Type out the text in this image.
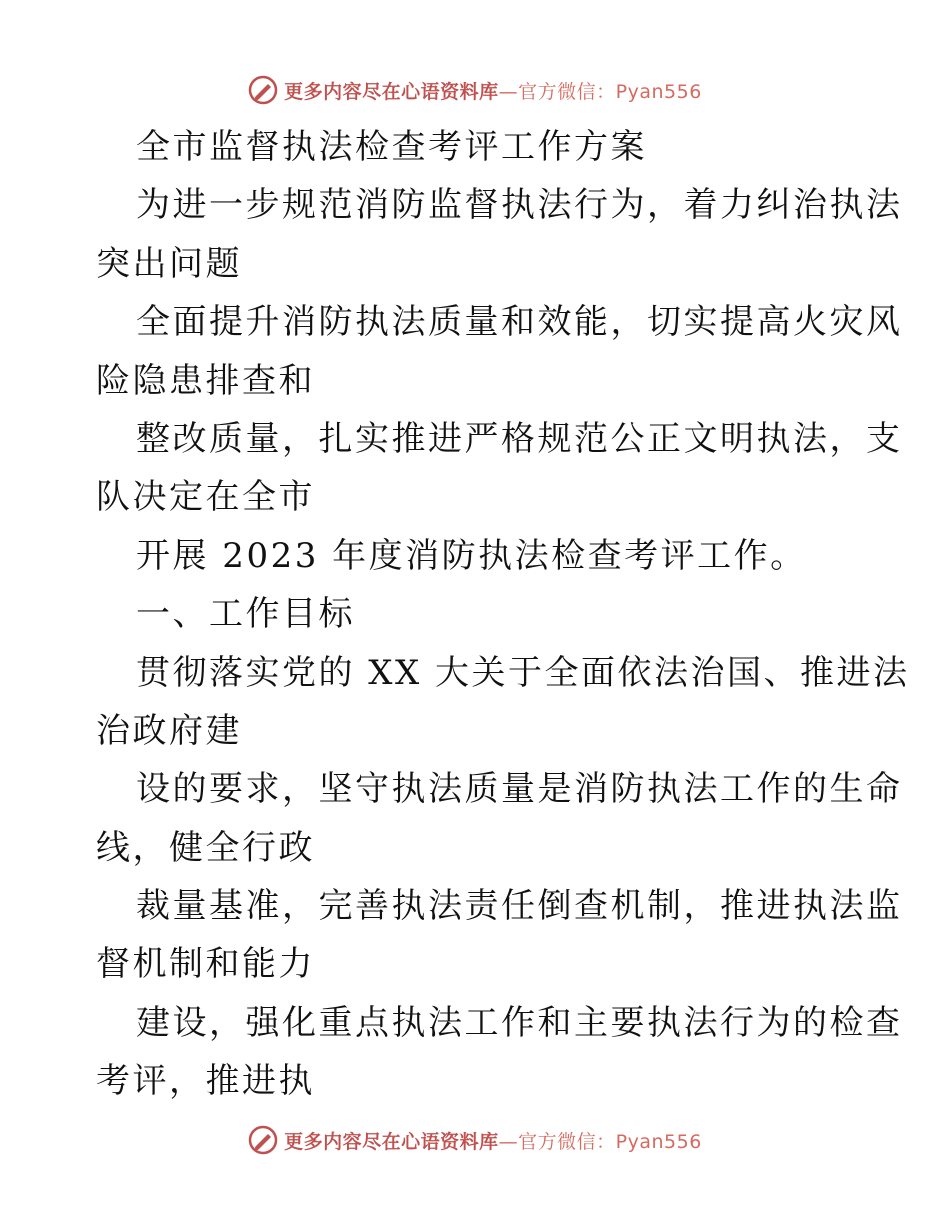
更多内容尽在心语资料库—官方微信：Pyan556
全市监督执法检查考评工作方案
为进一步规范消防监督执法行为，着力纠治执法
突出问题
全面提升消防执法质量和效能，切实提高火灾风
险隐患排查和
整改质量，扎实推进严格规范公正文明执法，支
队决定在全市
开展 2023 年度消防执法检查考评工作。
一、工作目标
贯彻落实党的 XX 大关于全面依法治国、推进法
治政府建
设的要求，坚守执法质量是消防执法工作的生命
线，健全行政
裁量基准，完善执法责任倒查机制，推进执法监
督机制和能力
建设，强化重点执法工作和主要执法行为的检查
考评，推进执
更多内容尽在心语资料库—官方微信：Pyan556
